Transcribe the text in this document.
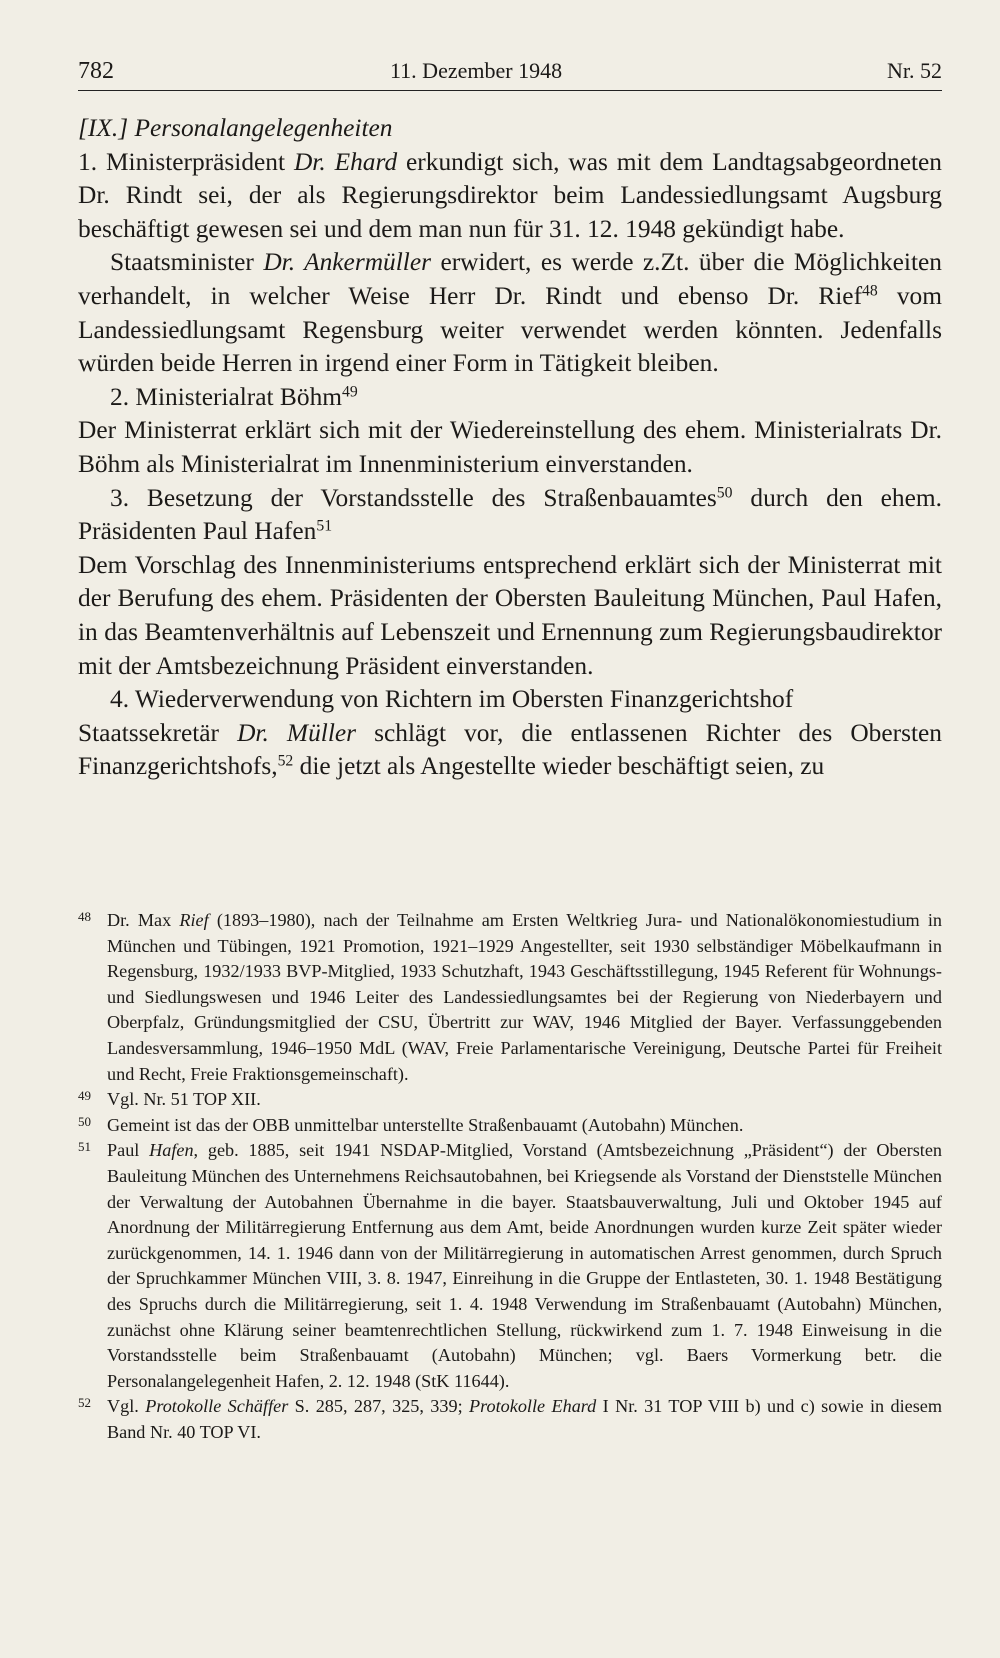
782	11. Dezember 1948	Nr. 52

[IX.] Personalangelegenheiten

1. Ministerpräsident Dr. Ehard erkundigt sich, was mit dem Landtagsabgeordneten Dr. Rindt sei, der als Regierungsdirektor beim Landessiedlungsamt Augsburg beschäftigt gewesen sei und dem man nun für 31. 12. 1948 gekündigt habe.

Staatsminister Dr. Ankermüller erwidert, es werde z.Zt. über die Möglichkeiten verhandelt, in welcher Weise Herr Dr. Rindt und ebenso Dr. Rief$^{48}$ vom Landessiedlungsamt Regensburg weiter verwendet werden könnten. Jedenfalls würden beide Herren in irgend einer Form in Tätigkeit bleiben.

2. Ministerialrat Böhm$^{49}$

Der Ministerrat erklärt sich mit der Wiedereinstellung des ehem. Ministerialrats Dr. Böhm als Ministerialrat im Innenministerium einverstanden.

3. Besetzung der Vorstandsstelle des Straßenbauamtes$^{50}$ durch den ehem. Präsidenten Paul Hafen$^{51}$

Dem Vorschlag des Innenministeriums entsprechend erklärt sich der Ministerrat mit der Berufung des ehem. Präsidenten der Obersten Bauleitung München, Paul Hafen, in das Beamtenverhältnis auf Lebenszeit und Ernennung zum Regierungsbaudirektor mit der Amtsbezeichnung Präsident einverstanden.

4. Wiederverwendung von Richtern im Obersten Finanzgerichtshof

Staatssekretär Dr. Müller schlägt vor, die entlassenen Richter des Obersten Finanzgerichtshofs,$^{52}$ die jetzt als Angestellte wieder beschäftigt seien, zu

48 Dr. Max Rief (1893–1980), nach der Teilnahme am Ersten Weltkrieg Jura- und Nationalökonomiestudium in München und Tübingen, 1921 Promotion, 1921–1929 Angestellter, seit 1930 selbständiger Möbelkaufmann in Regensburg, 1932/1933 BVP-Mitglied, 1933 Schutzhaft, 1943 Geschäftsstillegung, 1945 Referent für Wohnungs- und Siedlungswesen und 1946 Leiter des Landessiedlungsamtes bei der Regierung von Niederbayern und Oberpfalz, Gründungsmitglied der CSU, Übertritt zur WAV, 1946 Mitglied der Bayer. Verfassunggebenden Landesversammlung, 1946–1950 MdL (WAV, Freie Parlamentarische Vereinigung, Deutsche Partei für Freiheit und Recht, Freie Fraktionsgemeinschaft).

49 Vgl. Nr. 51 TOP XII.

50 Gemeint ist das der OBB unmittelbar unterstellte Straßenbauamt (Autobahn) München.

51 Paul Hafen, geb. 1885, seit 1941 NSDAP-Mitglied, Vorstand (Amtsbezeichnung „Präsident“) der Obersten Bauleitung München des Unternehmens Reichsautobahnen, bei Kriegsende als Vorstand der Dienststelle München der Verwaltung der Autobahnen Übernahme in die bayer. Staatsbauverwaltung, Juli und Oktober 1945 auf Anordnung der Militärregierung Entfernung aus dem Amt, beide Anordnungen wurden kurze Zeit später wieder zurückgenommen, 14. 1. 1946 dann von der Militärregierung in automatischen Arrest genommen, durch Spruch der Spruchkammer München VIII, 3. 8. 1947, Einreihung in die Gruppe der Entlasteten, 30. 1. 1948 Bestätigung des Spruchs durch die Militärregierung, seit 1. 4. 1948 Verwendung im Straßenbauamt (Autobahn) München, zunächst ohne Klärung seiner beamtenrechtlichen Stellung, rückwirkend zum 1. 7. 1948 Einweisung in die Vorstandsstelle beim Straßenbauamt (Autobahn) München; vgl. Baers Vormerkung betr. die Personalangelegenheit Hafen, 2. 12. 1948 (StK 11644).

52 Vgl. Protokolle Schäffer S. 285, 287, 325, 339; Protokolle Ehard I Nr. 31 TOP VIII b) und c) sowie in diesem Band Nr. 40 TOP VI.
